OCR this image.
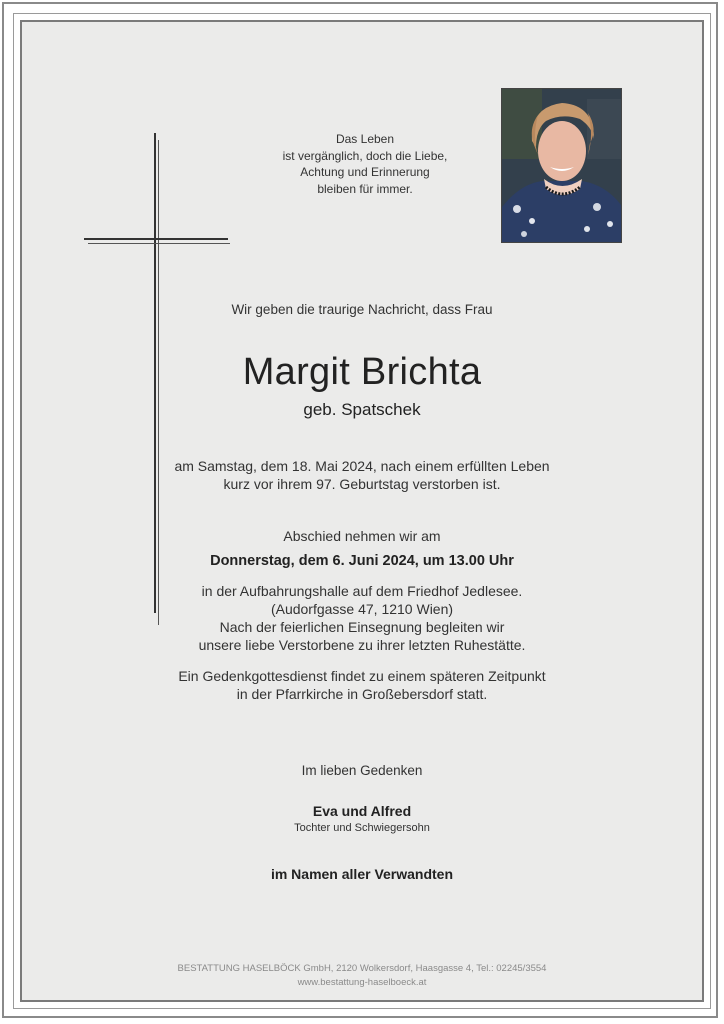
Das Leben
ist vergänglich, doch die Liebe,
Achtung und Erinnerung
bleiben für immer.
Wir geben die traurige Nachricht, dass Frau
Margit Brichta
geb. Spatschek
am Samstag, dem 18. Mai 2024, nach einem erfüllten Leben
kurz vor ihrem 97. Geburtstag verstorben ist.
Abschied nehmen wir am
Donnerstag, dem 6. Juni 2024, um 13.00 Uhr
in der Aufbahrungshalle auf dem Friedhof Jedlesee.
(Audorfgasse 47, 1210 Wien)
Nach der feierlichen Einsegnung begleiten wir
unsere liebe Verstorbene zu ihrer letzten Ruhestätte.
Ein Gedenkgottesdienst findet zu einem späteren Zeitpunkt
in der Pfarrkirche in Großebersdorf statt.
Im lieben Gedenken
Eva und Alfred
Tochter und Schwiegersohn
im Namen aller Verwandten
BESTATTUNG HASELBÖCK GmbH, 2120 Wolkersdorf, Haasgasse 4, Tel.: 02245/3554
www.bestattung-haselboeck.at
